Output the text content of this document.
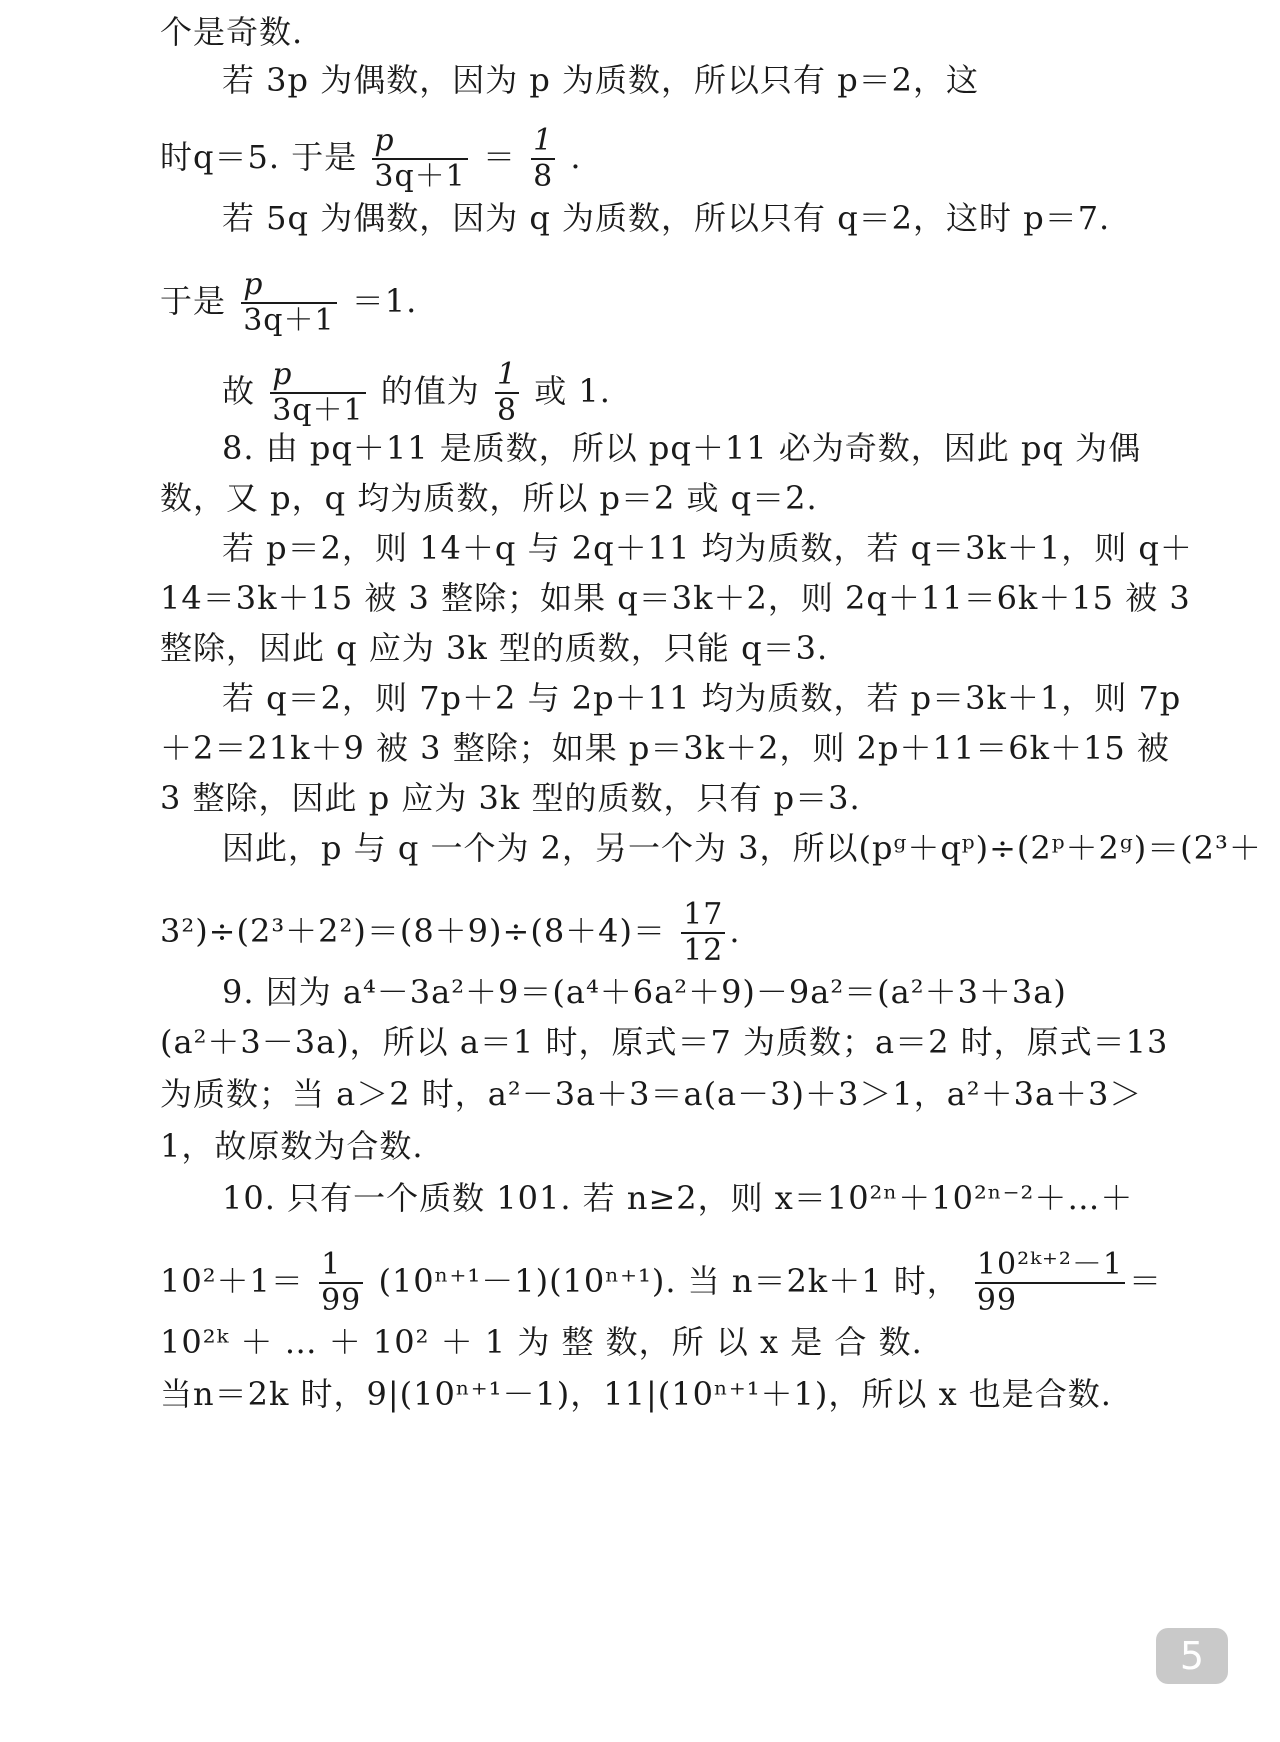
个是奇数.
若 3p 为偶数，因为 p 为质数，所以只有 p＝2，这
时q＝5. 于是 $\frac{p}{3q+1} = \frac{1}{8}$ .
若 5q 为偶数，因为 q 为质数，所以只有 q＝2，这时 p＝7.
于是 $\frac{p}{3q+1} =1$.
故 $\frac{p}{3q+1}$ 的值为 $\frac{1}{8}$ 或 1.
8. 由 pq＋11 是质数，所以 pq＋11 必为奇数，因此 pq 为偶
数，又 p，q 均为质数，所以 p＝2 或 q＝2.
若 p＝2，则 14＋q 与 2q＋11 均为质数，若 q＝3k＋1，则 q＋
14＝3k＋15 被 3 整除；如果 q＝3k＋2，则 2q＋11＝6k＋15 被 3
整除，因此 q 应为 3k 型的质数，只能 q＝3.
若 q＝2，则 7p＋2 与 2p＋11 均为质数，若 p＝3k＋1，则 7p
＋2＝21k＋9 被 3 整除；如果 p＝3k＋2，则 2p＋11＝6k＋15 被
3 整除，因此 p 应为 3k 型的质数，只有 p＝3.
因此，p 与 q 一个为 2，另一个为 3，所以(pᵍ＋qᵖ)÷(2ᵖ＋2ᵍ)＝(2³＋
$3^2)\div(2^3+2^2)=(8+9)\div(8+4)= \frac{17}{12}$ .
9. 因为 a⁴－3a²＋9＝(a⁴＋6a²＋9)－9a²＝(a²＋3＋3a)
(a²＋3－3a)，所以 a＝1 时，原式＝7 为质数；a＝2 时，原式＝13
为质数；当 a＞2 时，a²－3a＋3＝a(a－3)＋3＞1，a²＋3a＋3＞
1，故原数为合数.
10. 只有一个质数 101. 若 n≥2，则 x＝10²ⁿ＋10²ⁿ⁻²＋…＋
$10^2+1= \frac{1}{99} (10^{n+1}-1)(10^{n+1})$. 当 n＝2k＋1 时， $\frac{\text{10²ᵏ⁺²－1}}{99}$ ＝
10²ᵏ ＋ … ＋ 10² ＋ 1 为 整 数，所 以 x 是 合 数.
当n＝2k 时，9|(10ⁿ⁺¹－1)，11|(10ⁿ⁺¹＋1)，所以 x 也是合数.
5
